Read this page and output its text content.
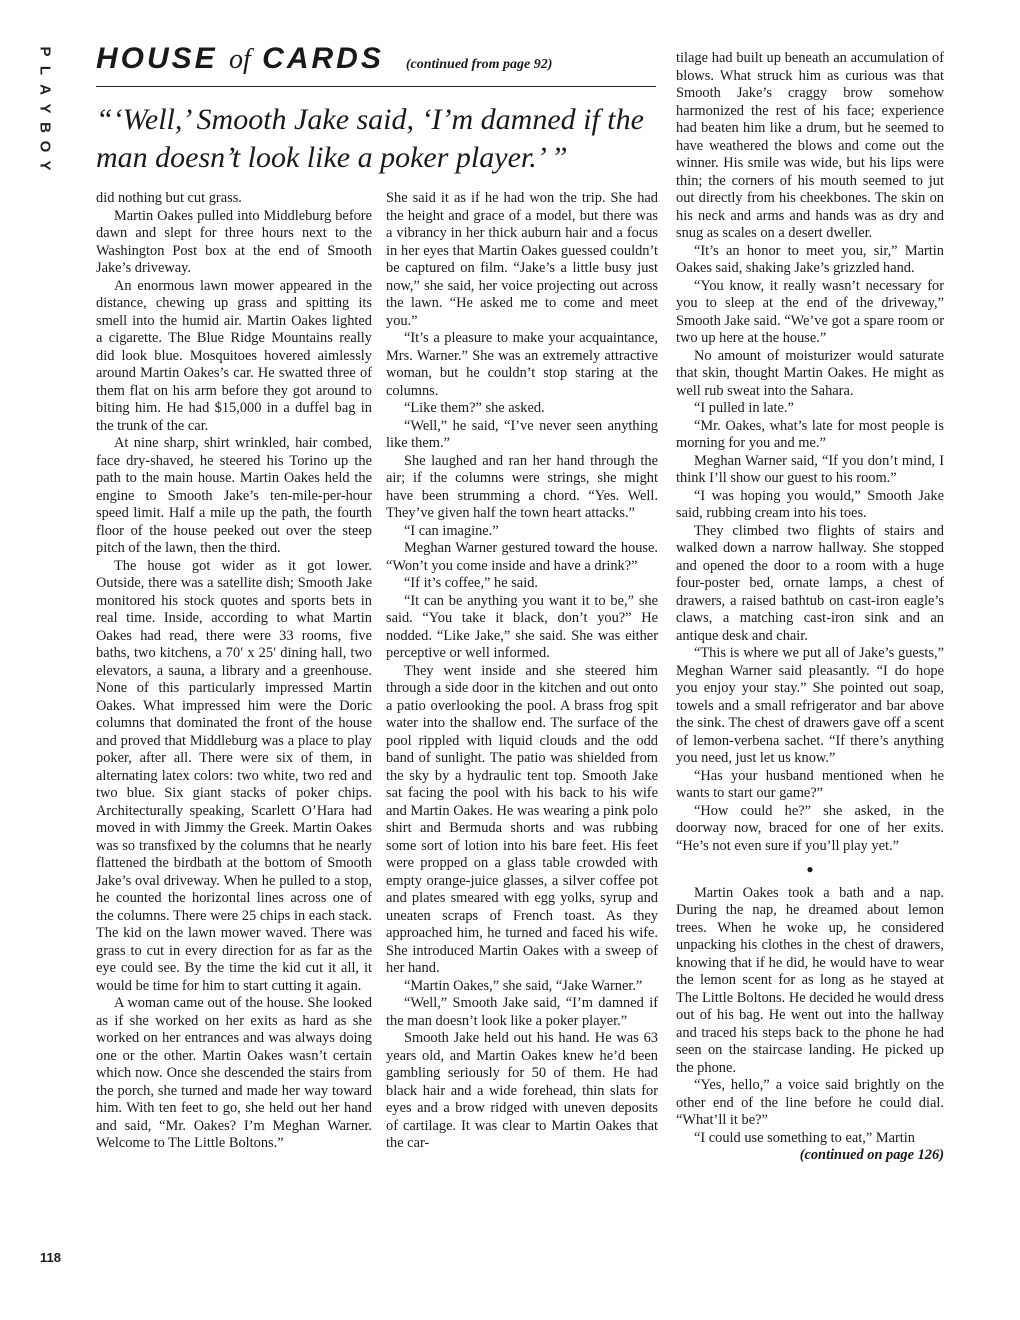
P
L
A
Y
B
O
Y
HOUSE of CARDS (continued from page 92)
“‘Well,’ Smooth Jake said, ‘I’m damned if the man doesn’t look like a poker player.’ ”

did nothing but cut grass.

Martin Oakes pulled into Middleburg before dawn and slept for three hours next to the Washington Post box at the end of Smooth Jake’s driveway.

An enormous lawn mower appeared in the distance, chewing up grass and spitting its smell into the humid air. Martin Oakes lighted a cigarette. The Blue Ridge Mountains really did look blue. Mosquitoes hovered aimlessly around Martin Oakes’s car. He swatted three of them flat on his arm before they got around to biting him. He had $15,000 in a duffel bag in the trunk of the car.

At nine sharp, shirt wrinkled, hair combed, face dry-shaved, he steered his Torino up the path to the main house. Martin Oakes held the engine to Smooth Jake’s ten-mile-per-hour speed limit. Half a mile up the path, the fourth floor of the house peeked out over the steep pitch of the lawn, then the third.

The house got wider as it got lower. Outside, there was a satellite dish; Smooth Jake monitored his stock quotes and sports bets in real time. Inside, according to what Martin Oakes had read, there were 33 rooms, five baths, two kitchens, a 70′ x 25′ dining hall, two elevators, a sauna, a library and a greenhouse. None of this particularly impressed Martin Oakes. What impressed him were the Doric columns that dominated the front of the house and proved that Middleburg was a place to play poker, after all. There were six of them, in alternating latex colors: two white, two red and two blue. Six giant stacks of poker chips. Architecturally speaking, Scarlett O’Hara had moved in with Jimmy the Greek. Martin Oakes was so transfixed by the columns that he nearly flattened the birdbath at the bottom of Smooth Jake’s oval driveway. When he pulled to a stop, he counted the horizontal lines across one of the columns. There were 25 chips in each stack. The kid on the lawn mower waved. There was grass to cut in every direction for as far as the eye could see. By the time the kid cut it all, it would be time for him to start cutting it again.

A woman came out of the house. She looked as if she worked on her exits as hard as she worked on her entrances and was always doing one or the other. Martin Oakes wasn’t certain which now. Once she descended the stairs from the porch, she turned and made her way toward him. With ten feet to go, she held out her hand and said, “Mr. Oakes? I’m Meghan Warner. Welcome to The Little Boltons.”

She said it as if he had won the trip. She had the height and grace of a model, but there was a vibrancy in her thick auburn hair and a focus in her eyes that Martin Oakes guessed couldn’t be captured on film. “Jake’s a little busy just now,” she said, her voice projecting out across the lawn. “He asked me to come and meet you.”

“It’s a pleasure to make your acquaintance, Mrs. Warner.” She was an extremely attractive woman, but he couldn’t stop staring at the columns.

“Like them?” she asked.

“Well,” he said, “I’ve never seen anything like them.”

She laughed and ran her hand through the air; if the columns were strings, she might have been strumming a chord. “Yes. Well. They’ve given half the town heart attacks.”

“I can imagine.”

Meghan Warner gestured toward the house. “Won’t you come inside and have a drink?”

“If it’s coffee,” he said.

“It can be anything you want it to be,” she said. “You take it black, don’t you?” He nodded. “Like Jake,” she said. She was either perceptive or well informed.

They went inside and she steered him through a side door in the kitchen and out onto a patio overlooking the pool. A brass frog spit water into the shallow end. The surface of the pool rippled with liquid clouds and the odd band of sunlight. The patio was shielded from the sky by a hydraulic tent top. Smooth Jake sat facing the pool with his back to his wife and Martin Oakes. He was wearing a pink polo shirt and Bermuda shorts and was rubbing some sort of lotion into his bare feet. His feet were propped on a glass table crowded with empty orange-juice glasses, a silver coffee pot and plates smeared with egg yolks, syrup and uneaten scraps of French toast. As they approached him, he turned and faced his wife. She introduced Martin Oakes with a sweep of her hand.

“Martin Oakes,” she said, “Jake Warner.”

“Well,” Smooth Jake said, “I’m damned if the man doesn’t look like a poker player.”

Smooth Jake held out his hand. He was 63 years old, and Martin Oakes knew he’d been gambling seriously for 50 of them. He had black hair and a wide forehead, thin slats for eyes and a brow ridged with uneven deposits of cartilage. It was clear to Martin Oakes that the car-

tilage had built up beneath an accumulation of blows. What struck him as curious was that Smooth Jake’s craggy brow somehow harmonized the rest of his face; experience had beaten him like a drum, but he seemed to have weathered the blows and come out the winner. His smile was wide, but his lips were thin; the corners of his mouth seemed to jut out directly from his cheekbones. The skin on his neck and arms and hands was as dry and snug as scales on a desert dweller.

“It’s an honor to meet you, sir,” Martin Oakes said, shaking Jake’s grizzled hand.

“You know, it really wasn’t necessary for you to sleep at the end of the driveway,” Smooth Jake said. “We’ve got a spare room or two up here at the house.”

No amount of moisturizer would saturate that skin, thought Martin Oakes. He might as well rub sweat into the Sahara.

“I pulled in late.”

“Mr. Oakes, what’s late for most people is morning for you and me.”

Meghan Warner said, “If you don’t mind, I think I’ll show our guest to his room.”

“I was hoping you would,” Smooth Jake said, rubbing cream into his toes.

They climbed two flights of stairs and walked down a narrow hallway. She stopped and opened the door to a room with a huge four-poster bed, ornate lamps, a chest of drawers, a raised bathtub on cast-iron eagle’s claws, a matching cast-iron sink and an antique desk and chair.

“This is where we put all of Jake’s guests,” Meghan Warner said pleasantly. “I do hope you enjoy your stay.” She pointed out soap, towels and a small refrigerator and bar above the sink. The chest of drawers gave off a scent of lemon-verbena sachet. “If there’s anything you need, just let us know.”

“Has your husband mentioned when he wants to start our game?”

“How could he?” she asked, in the doorway now, braced for one of her exits. “He’s not even sure if you’ll play yet.”

●

Martin Oakes took a bath and a nap. During the nap, he dreamed about lemon trees. When he woke up, he considered unpacking his clothes in the chest of drawers, knowing that if he did, he would have to wear the lemon scent for as long as he stayed at The Little Boltons. He decided he would dress out of his bag. He went out into the hallway and traced his steps back to the phone he had seen on the staircase landing. He picked up the phone.

“Yes, hello,” a voice said brightly on the other end of the line before he could dial. “What’ll it be?”

“I could use something to eat,” Martin

(continued on page 126)
118
